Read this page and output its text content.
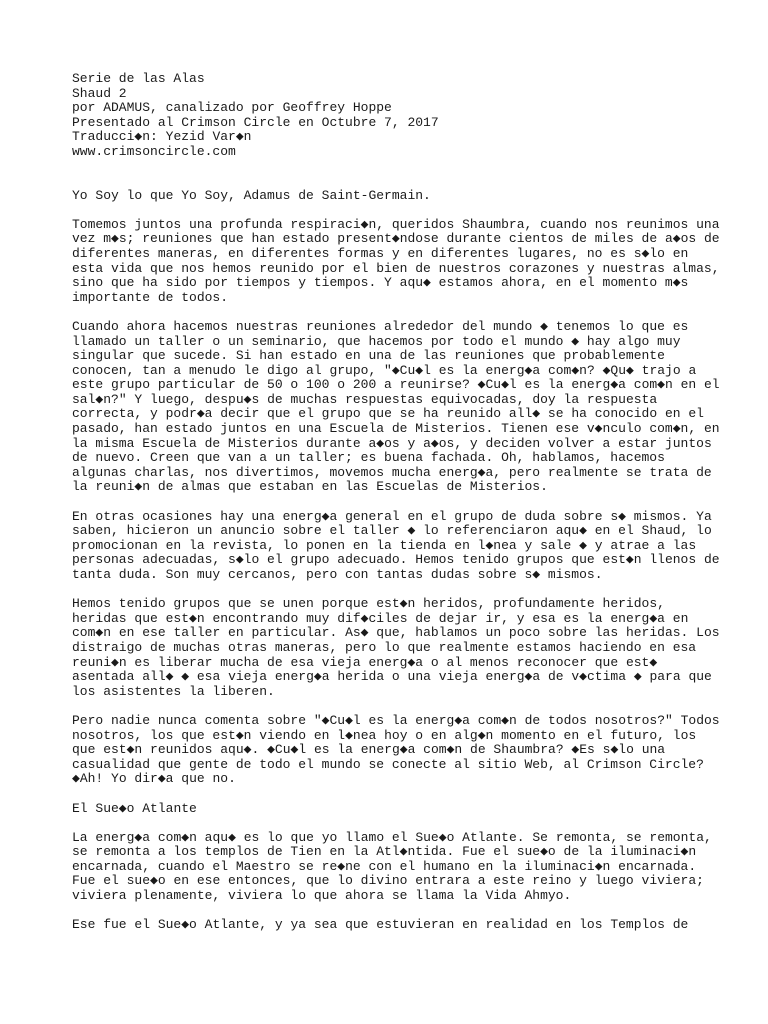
Serie de las Alas
Shaud 2
por ADAMUS, canalizado por Geoffrey Hoppe
Presentado al Crimson Circle en Octubre 7, 2017
Traducci◆n: Yezid Var◆n
www.crimsoncircle.com

Yo Soy lo que Yo Soy, Adamus de Saint-Germain.

Tomemos juntos una profunda respiraci◆n, queridos Shaumbra, cuando nos reunimos una
vez m◆s; reuniones que han estado present◆ndose durante cientos de miles de a◆os de
diferentes maneras, en diferentes formas y en diferentes lugares, no es s◆lo en
esta vida que nos hemos reunido por el bien de nuestros corazones y nuestras almas,
sino que ha sido por tiempos y tiempos. Y aqu◆ estamos ahora, en el momento m◆s
importante de todos.

Cuando ahora hacemos nuestras reuniones alrededor del mundo ◆ tenemos lo que es
llamado un taller o un seminario, que hacemos por todo el mundo ◆ hay algo muy
singular que sucede. Si han estado en una de las reuniones que probablemente
conocen, tan a menudo le digo al grupo, "◆Cu◆l es la energ◆a com◆n? ◆Qu◆ trajo a
este grupo particular de 50 o 100 o 200 a reunirse? ◆Cu◆l es la energ◆a com◆n en el
sal◆n?" Y luego, despu◆s de muchas respuestas equivocadas, doy la respuesta
correcta, y podr◆a decir que el grupo que se ha reunido all◆ se ha conocido en el
pasado, han estado juntos en una Escuela de Misterios. Tienen ese v◆nculo com◆n, en
la misma Escuela de Misterios durante a◆os y a◆os, y deciden volver a estar juntos
de nuevo. Creen que van a un taller; es buena fachada. Oh, hablamos, hacemos
algunas charlas, nos divertimos, movemos mucha energ◆a, pero realmente se trata de
la reuni◆n de almas que estaban en las Escuelas de Misterios.

En otras ocasiones hay una energ◆a general en el grupo de duda sobre s◆ mismos. Ya
saben, hicieron un anuncio sobre el taller ◆ lo referenciaron aqu◆ en el Shaud, lo
promocionan en la revista, lo ponen en la tienda en l◆nea y sale ◆ y atrae a las
personas adecuadas, s◆lo el grupo adecuado. Hemos tenido grupos que est◆n llenos de
tanta duda. Son muy cercanos, pero con tantas dudas sobre s◆ mismos.

Hemos tenido grupos que se unen porque est◆n heridos, profundamente heridos,
heridas que est◆n encontrando muy dif◆ciles de dejar ir, y esa es la energ◆a en
com◆n en ese taller en particular. As◆ que, hablamos un poco sobre las heridas. Los
distraigo de muchas otras maneras, pero lo que realmente estamos haciendo en esa
reuni◆n es liberar mucha de esa vieja energ◆a o al menos reconocer que est◆
asentada all◆ ◆ esa vieja energ◆a herida o una vieja energ◆a de v◆ctima ◆ para que
los asistentes la liberen.

Pero nadie nunca comenta sobre "◆Cu◆l es la energ◆a com◆n de todos nosotros?" Todos
nosotros, los que est◆n viendo en l◆nea hoy o en alg◆n momento en el futuro, los
que est◆n reunidos aqu◆. ◆Cu◆l es la energ◆a com◆n de Shaumbra? ◆Es s◆lo una
casualidad que gente de todo el mundo se conecte al sitio Web, al Crimson Circle?
◆Ah! Yo dir◆a que no.

El Sue◆o Atlante

La energ◆a com◆n aqu◆ es lo que yo llamo el Sue◆o Atlante. Se remonta, se remonta,
se remonta a los templos de Tien en la Atl◆ntida. Fue el sue◆o de la iluminaci◆n
encarnada, cuando el Maestro se re◆ne con el humano en la iluminaci◆n encarnada.
Fue el sue◆o en ese entonces, que lo divino entrara a este reino y luego viviera;
viviera plenamente, viviera lo que ahora se llama la Vida Ahmyo.

Ese fue el Sue◆o Atlante, y ya sea que estuvieran en realidad en los Templos de
